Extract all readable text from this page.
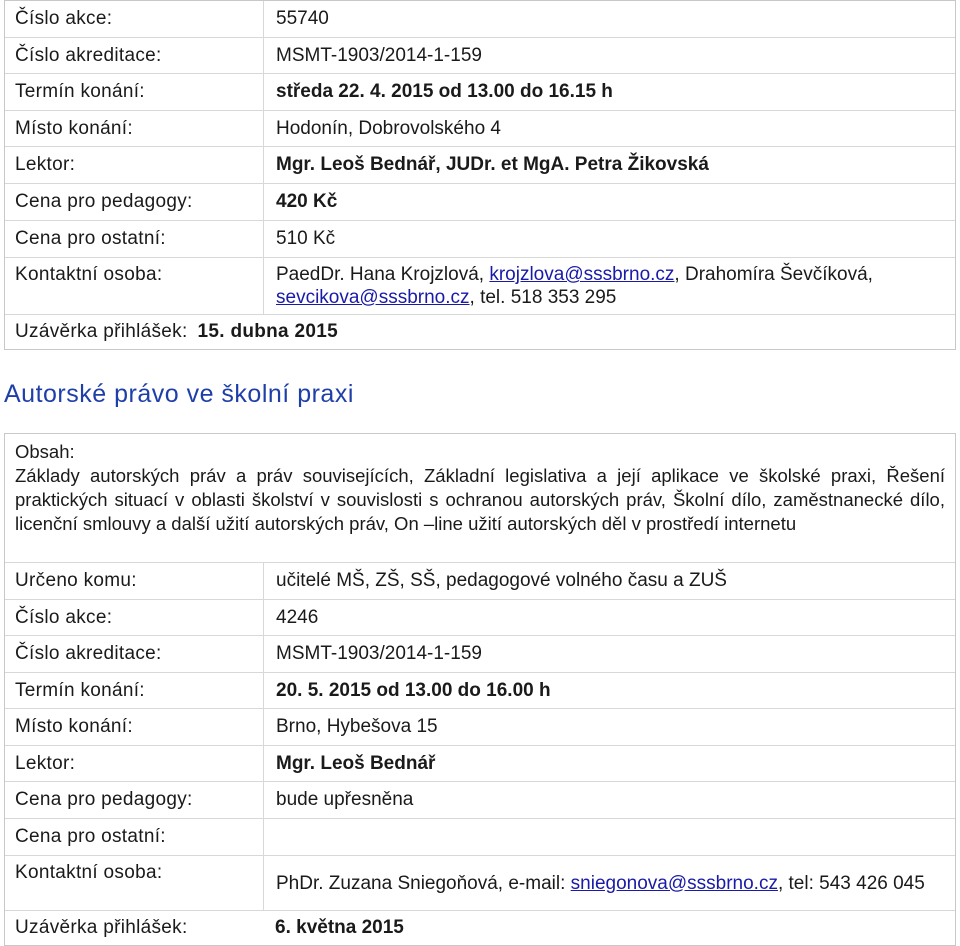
Číslo akce:	55740
Číslo akreditace:	MSMT-1903/2014-1-159
Termín konání:	středa 22. 4. 2015 od 13.00 do 16.15 h
Místo konání:	Hodonín, Dobrovolského 4
Lektor:	Mgr. Leoš Bednář, JUDr. et MgA. Petra Žikovská
Cena pro pedagogy:	420 Kč
Cena pro ostatní:	510 Kč
Kontaktní osoba:	PaedDr. Hana Krojzlová, krojzlova@sssbrno.cz, Drahomíra Ševčíková, sevcikova@sssbrno.cz, tel. 518 353 295
Uzávěrka přihlášek: 15. dubna 2015
Autorské právo ve školní praxi
Obsah:
Základy autorských práv a práv souvisejících, Základní legislativa a její aplikace ve školské praxi, Řešení praktických situací v oblasti školství v souvislosti s ochranou autorských práv, Školní dílo, zaměstnanecké dílo, licenční smlouvy a další užití autorských práv, On –line užití autorských děl v prostředí internetu
Určeno komu:	učitelé MŠ, ZŠ, SŠ, pedagogové volného času a ZUŠ
Číslo akce:	4246
Číslo akreditace:	MSMT-1903/2014-1-159
Termín konání:	20. 5. 2015 od 13.00 do 16.00 h
Místo konání:	Brno, Hybešova 15
Lektor:	Mgr. Leoš Bednář
Cena pro pedagogy:	bude upřesněna
Cena pro ostatní:
Kontaktní osoba:	PhDr. Zuzana Sniegoňová, e-mail: sniegonova@sssbrno.cz, tel: 543 426 045
Uzávěrka přihlášek:	6. května 2015
